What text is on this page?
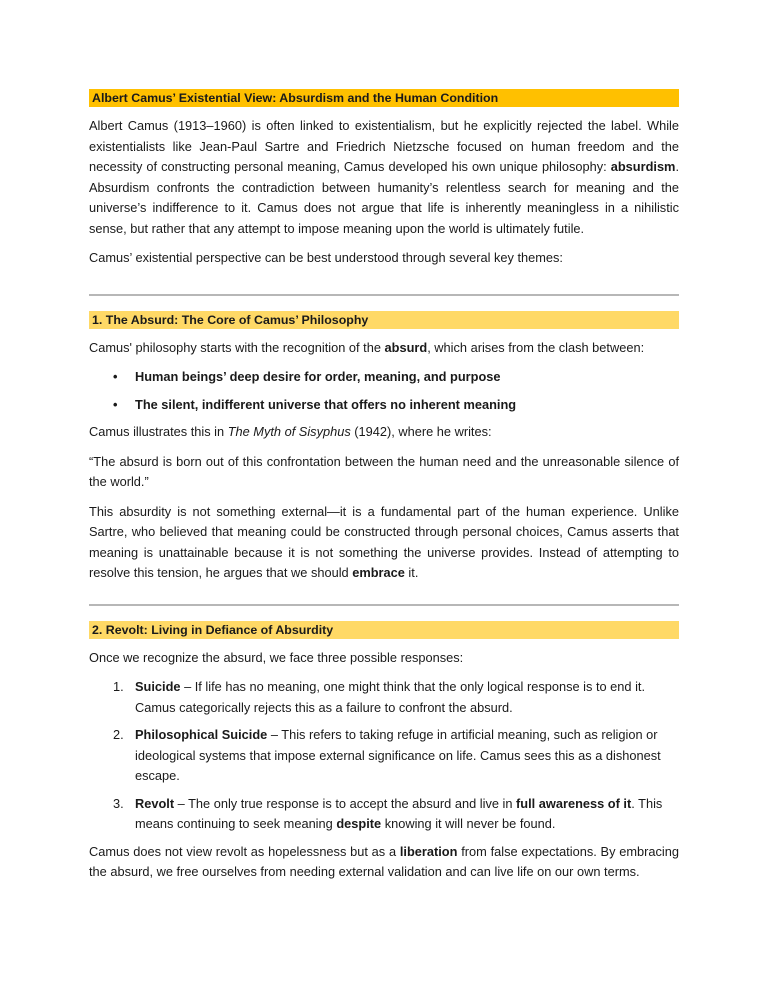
Albert Camus’ Existential View: Absurdism and the Human Condition

Albert Camus (1913–1960) is often linked to existentialism, but he explicitly rejected the label. While existentialists like Jean-Paul Sartre and Friedrich Nietzsche focused on human freedom and the necessity of constructing personal meaning, Camus developed his own unique philosophy: absurdism. Absurdism confronts the contradiction between humanity’s relentless search for meaning and the universe’s indifference to it. Camus does not argue that life is inherently meaningless in a nihilistic sense, but rather that any attempt to impose meaning upon the world is ultimately futile.

Camus’ existential perspective can be best understood through several key themes:

1. The Absurd: The Core of Camus’ Philosophy

Camus' philosophy starts with the recognition of the absurd, which arises from the clash between:

• Human beings’ deep desire for order, meaning, and purpose
• The silent, indifferent universe that offers no inherent meaning

Camus illustrates this in The Myth of Sisyphus (1942), where he writes:

“The absurd is born out of this confrontation between the human need and the unreasonable silence of the world.”

This absurdity is not something external—it is a fundamental part of the human experience. Unlike Sartre, who believed that meaning could be constructed through personal choices, Camus asserts that meaning is unattainable because it is not something the universe provides. Instead of attempting to resolve this tension, he argues that we should embrace it.

2. Revolt: Living in Defiance of Absurdity

Once we recognize the absurd, we face three possible responses:

1. Suicide – If life has no meaning, one might think that the only logical response is to end it. Camus categorically rejects this as a failure to confront the absurd.
2. Philosophical Suicide – This refers to taking refuge in artificial meaning, such as religion or ideological systems that impose external significance on life. Camus sees this as a dishonest escape.
3. Revolt – The only true response is to accept the absurd and live in full awareness of it. This means continuing to seek meaning despite knowing it will never be found.

Camus does not view revolt as hopelessness but as a liberation from false expectations. By embracing the absurd, we free ourselves from needing external validation and can live life on our own terms.
